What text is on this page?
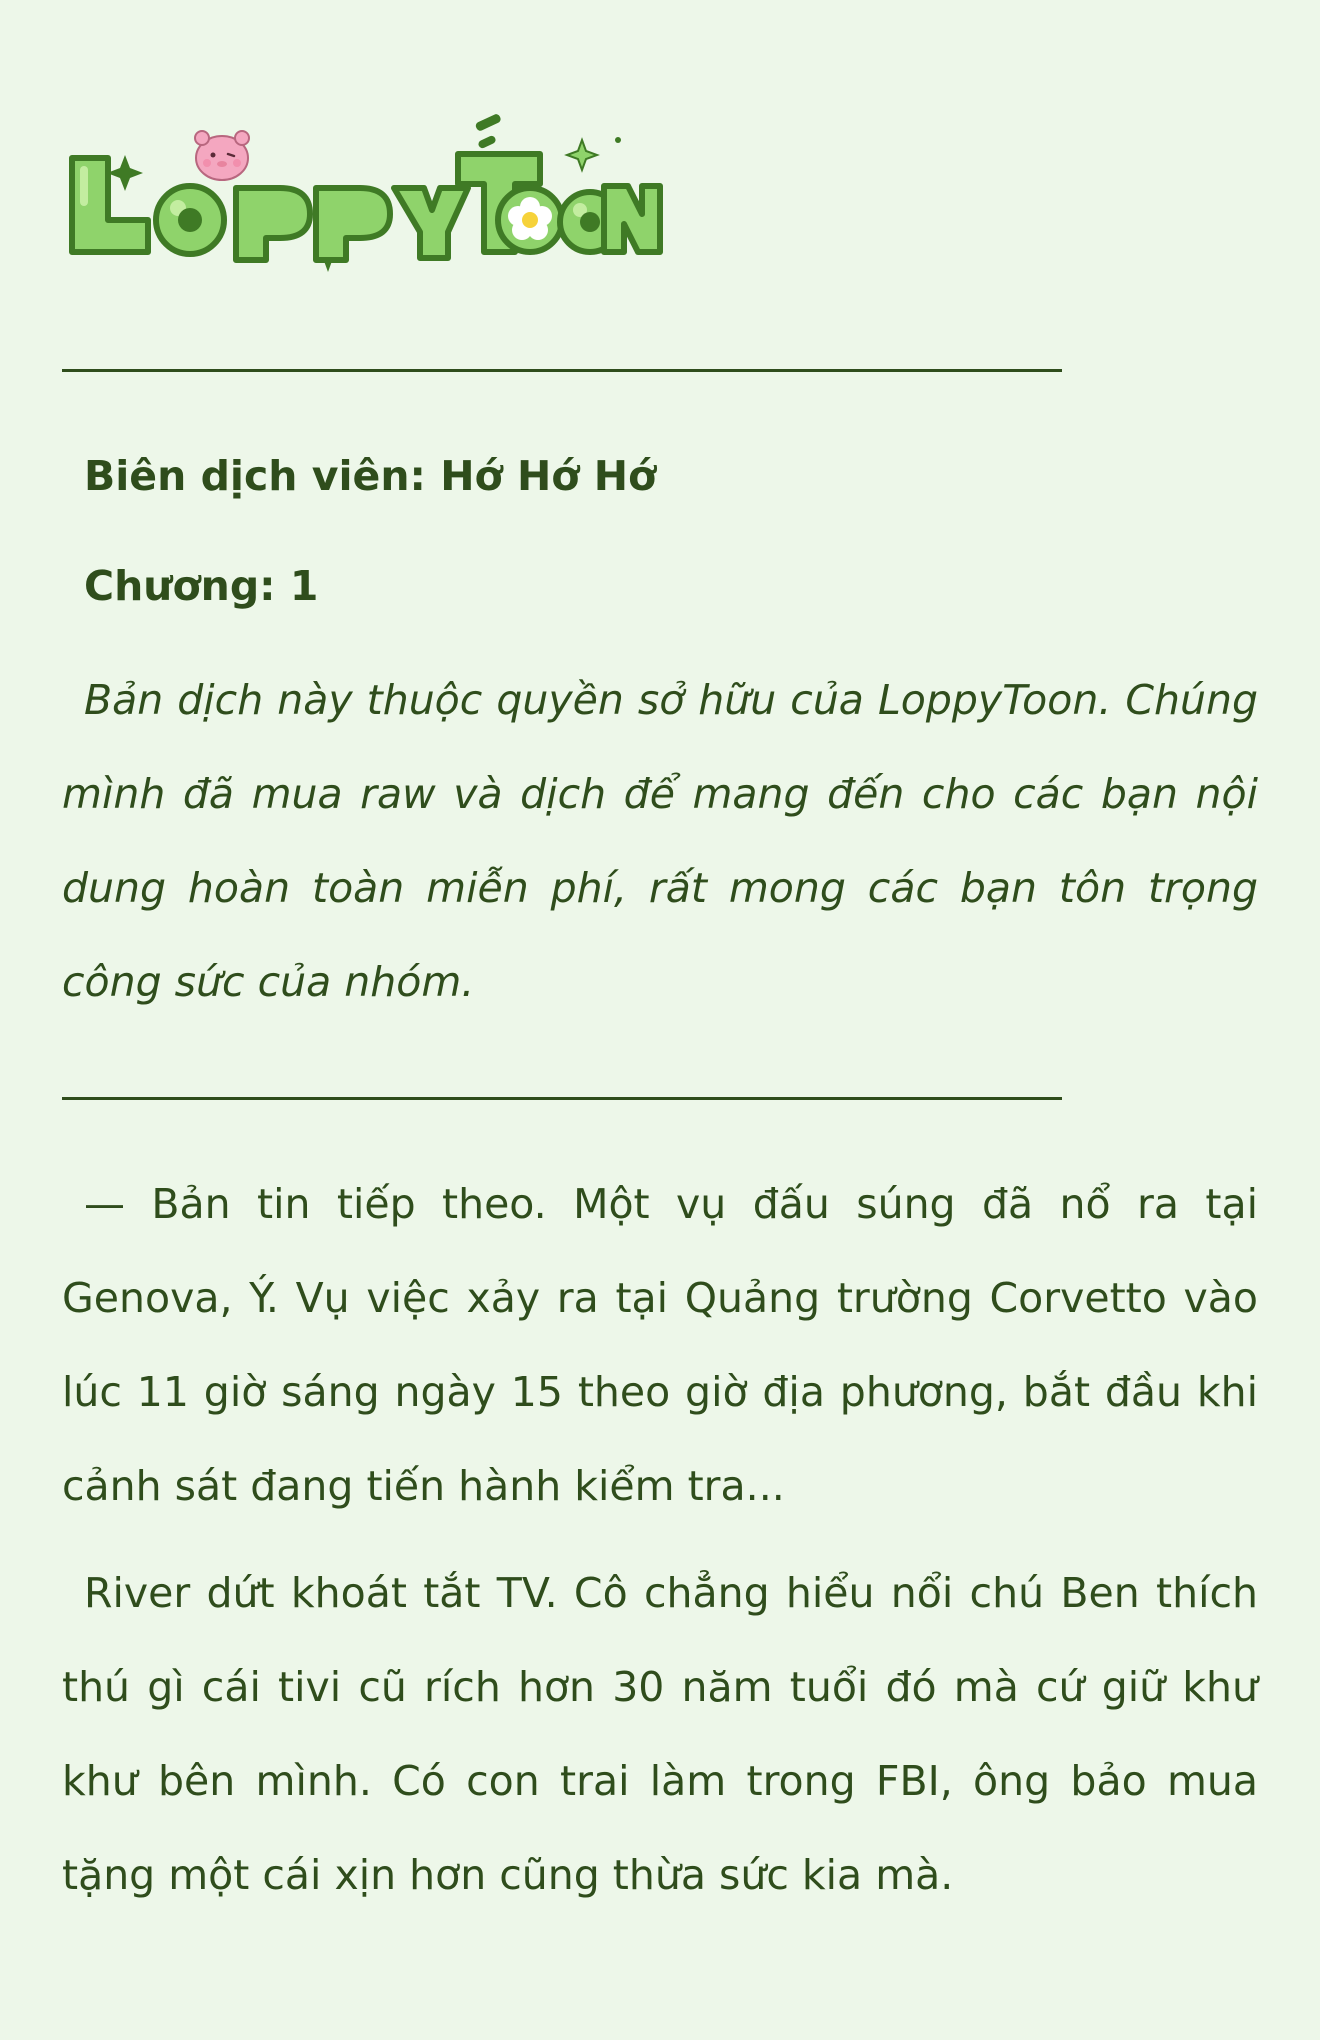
Biên dịch viên: Hớ Hớ Hớ
Chương: 1
Bản dịch này thuộc quyền sở hữu của LoppyToon. Chúng mình đã mua raw và dịch để mang đến cho các bạn nội dung hoàn toàn miễn phí, rất mong các bạn tôn trọng công sức của nhóm.
— Bản tin tiếp theo. Một vụ đấu súng đã nổ ra tại Genova, Ý. Vụ việc xảy ra tại Quảng trường Corvetto vào lúc 11 giờ sáng ngày 15 theo giờ địa phương, bắt đầu khi cảnh sát đang tiến hành kiểm tra...
River dứt khoát tắt TV. Cô chẳng hiểu nổi chú Ben thích thú gì cái tivi cũ rích hơn 30 năm tuổi đó mà cứ giữ khư khư bên mình. Có con trai làm trong FBI, ông bảo mua tặng một cái xịn hơn cũng thừa sức kia mà.
